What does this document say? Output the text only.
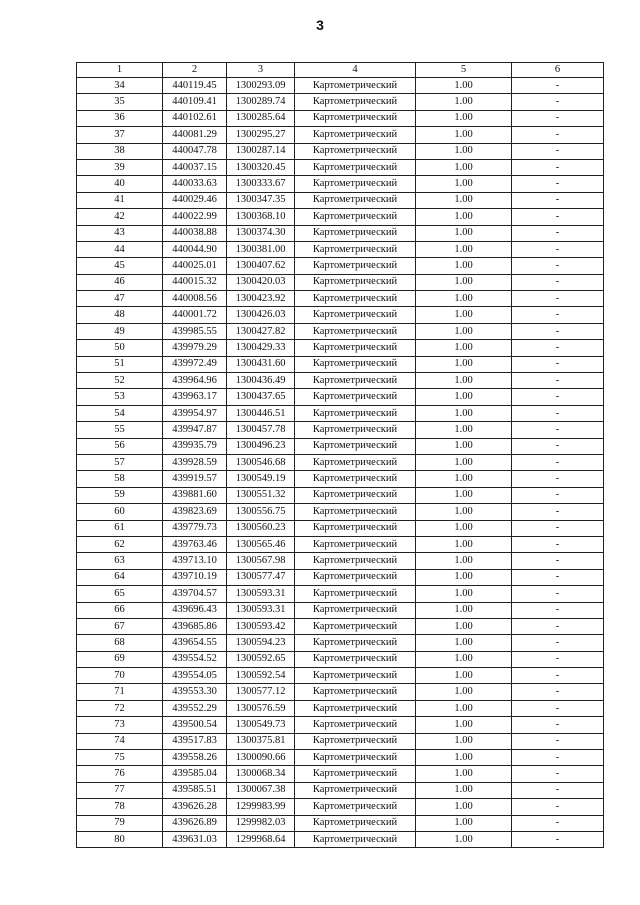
3
1	2	3	4	5	6
34	440119.45	1300293.09	Картометрический	1.00	-
35	440109.41	1300289.74	Картометрический	1.00	-
36	440102.61	1300285.64	Картометрический	1.00	-
37	440081.29	1300295.27	Картометрический	1.00	-
38	440047.78	1300287.14	Картометрический	1.00	-
39	440037.15	1300320.45	Картометрический	1.00	-
40	440033.63	1300333.67	Картометрический	1.00	-
41	440029.46	1300347.35	Картометрический	1.00	-
42	440022.99	1300368.10	Картометрический	1.00	-
43	440038.88	1300374.30	Картометрический	1.00	-
44	440044.90	1300381.00	Картометрический	1.00	-
45	440025.01	1300407.62	Картометрический	1.00	-
46	440015.32	1300420.03	Картометрический	1.00	-
47	440008.56	1300423.92	Картометрический	1.00	-
48	440001.72	1300426.03	Картометрический	1.00	-
49	439985.55	1300427.82	Картометрический	1.00	-
50	439979.29	1300429.33	Картометрический	1.00	-
51	439972.49	1300431.60	Картометрический	1.00	-
52	439964.96	1300436.49	Картометрический	1.00	-
53	439963.17	1300437.65	Картометрический	1.00	-
54	439954.97	1300446.51	Картометрический	1.00	-
55	439947.87	1300457.78	Картометрический	1.00	-
56	439935.79	1300496.23	Картометрический	1.00	-
57	439928.59	1300546.68	Картометрический	1.00	-
58	439919.57	1300549.19	Картометрический	1.00	-
59	439881.60	1300551.32	Картометрический	1.00	-
60	439823.69	1300556.75	Картометрический	1.00	-
61	439779.73	1300560.23	Картометрический	1.00	-
62	439763.46	1300565.46	Картометрический	1.00	-
63	439713.10	1300567.98	Картометрический	1.00	-
64	439710.19	1300577.47	Картометрический	1.00	-
65	439704.57	1300593.31	Картометрический	1.00	-
66	439696.43	1300593.31	Картометрический	1.00	-
67	439685.86	1300593.42	Картометрический	1.00	-
68	439654.55	1300594.23	Картометрический	1.00	-
69	439554.52	1300592.65	Картометрический	1.00	-
70	439554.05	1300592.54	Картометрический	1.00	-
71	439553.30	1300577.12	Картометрический	1.00	-
72	439552.29	1300576.59	Картометрический	1.00	-
73	439500.54	1300549.73	Картометрический	1.00	-
74	439517.83	1300375.81	Картометрический	1.00	-
75	439558.26	1300090.66	Картометрический	1.00	-
76	439585.04	1300068.34	Картометрический	1.00	-
77	439585.51	1300067.38	Картометрический	1.00	-
78	439626.28	1299983.99	Картометрический	1.00	-
79	439626.89	1299982.03	Картометрический	1.00	-
80	439631.03	1299968.64	Картометрический	1.00	-
